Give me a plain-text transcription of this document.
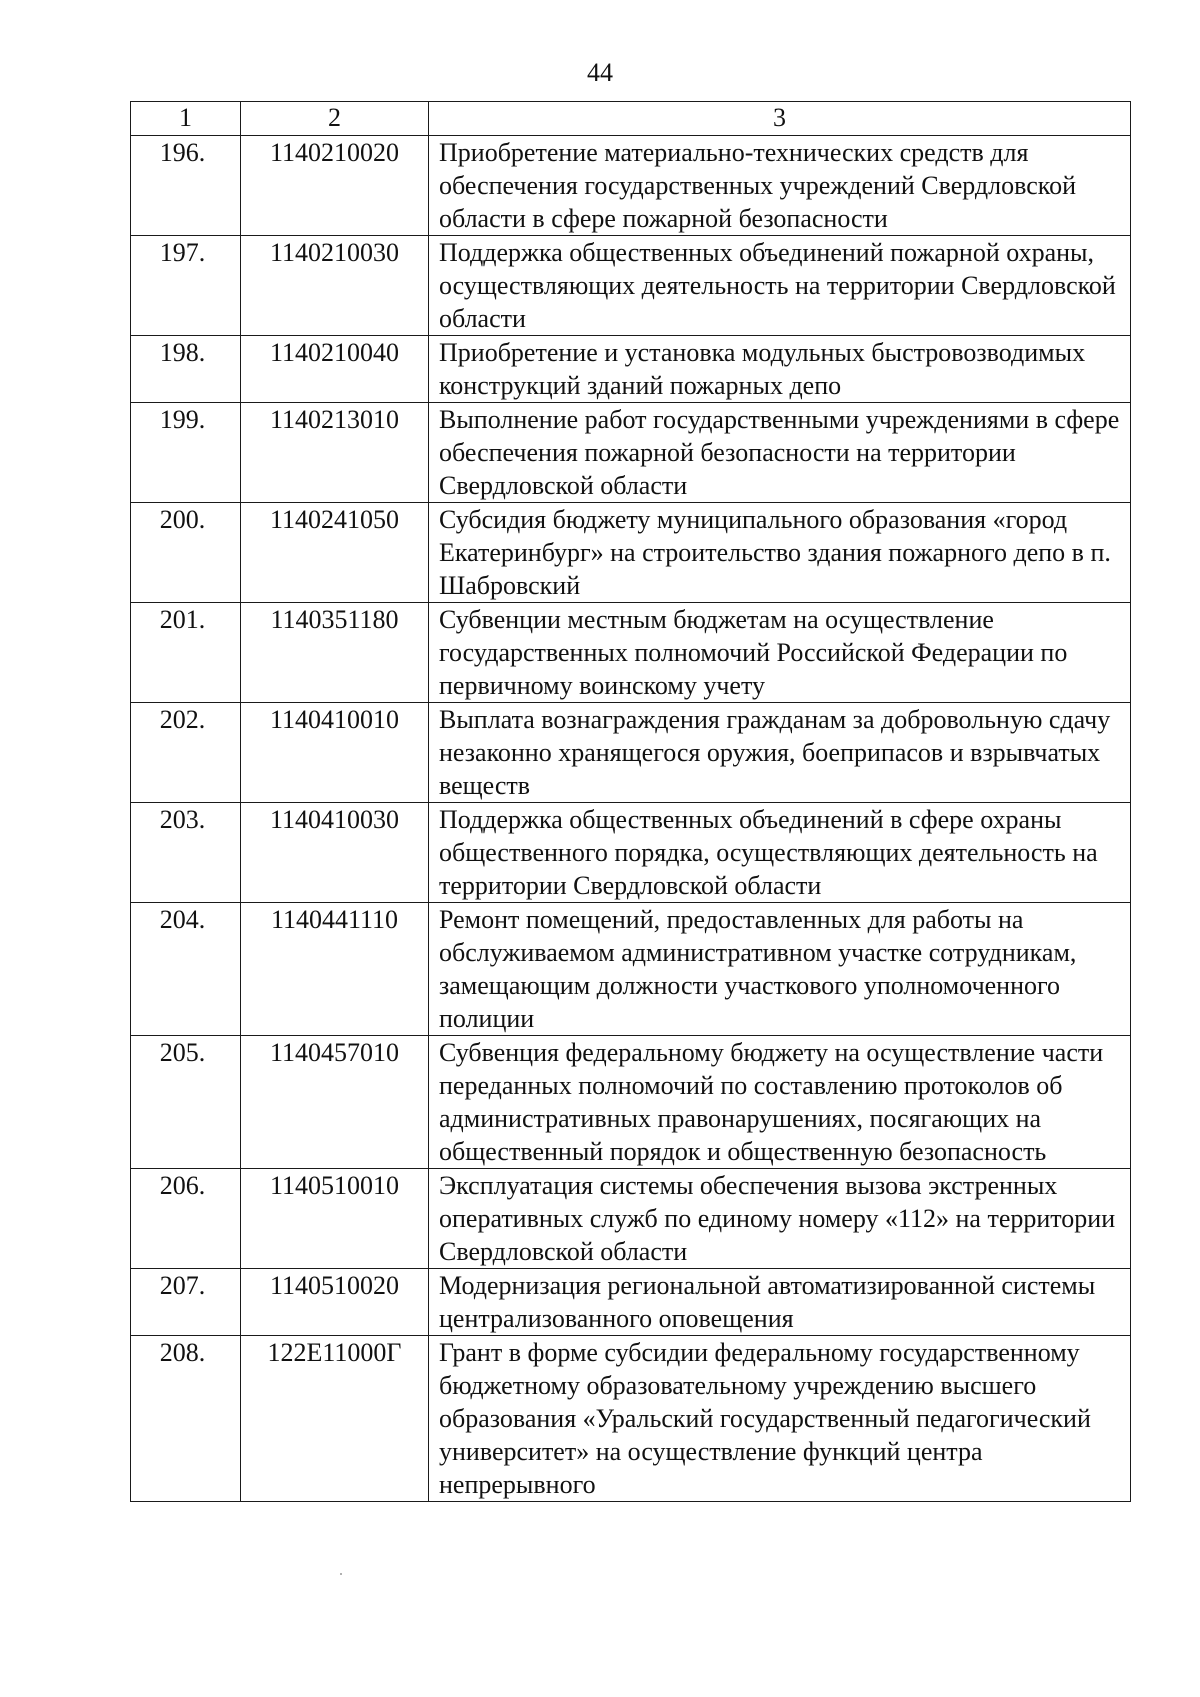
44
1	2	3
196.	1140210020	Приобретение материально-технических средств для обеспечения государственных учреждений Свердловской области в сфере пожарной безопасности
197.	1140210030	Поддержка общественных объединений пожарной охраны, осуществляющих деятельность на территории Свердловской области
198.	1140210040	Приобретение и установка модульных быстровозводимых конструкций зданий пожарных депо
199.	1140213010	Выполнение работ государственными учреждениями в сфере обеспечения пожарной безопасности на территории Свердловской области
200.	1140241050	Субсидия бюджету муниципального образования «город Екатеринбург» на строительство здания пожарного депо в п. Шабровский
201.	1140351180	Субвенции местным бюджетам на осуществление государственных полномочий Российской Федерации по первичному воинскому учету
202.	1140410010	Выплата вознаграждения гражданам за добровольную сдачу незаконно хранящегося оружия, боеприпасов и взрывчатых веществ
203.	1140410030	Поддержка общественных объединений в сфере охраны общественного порядка, осуществляющих деятельность на территории Свердловской области
204.	1140441110	Ремонт помещений, предоставленных для работы на обслуживаемом административном участке сотрудникам, замещающим должности участкового уполномоченного полиции
205.	1140457010	Субвенция федеральному бюджету на осуществление части переданных полномочий по составлению протоколов об административных правонарушениях, посягающих на общественный порядок и общественную безопасность
206.	1140510010	Эксплуатация системы обеспечения вызова экстренных оперативных служб по единому номеру «112» на территории Свердловской области
207.	1140510020	Модернизация региональной автоматизированной системы централизованного оповещения
208.	122Е11000Г	Грант в форме субсидии федеральному государственному бюджетному образовательному учреждению высшего образования «Уральский государственный педагогический университет» на осуществление функций центра непрерывного
